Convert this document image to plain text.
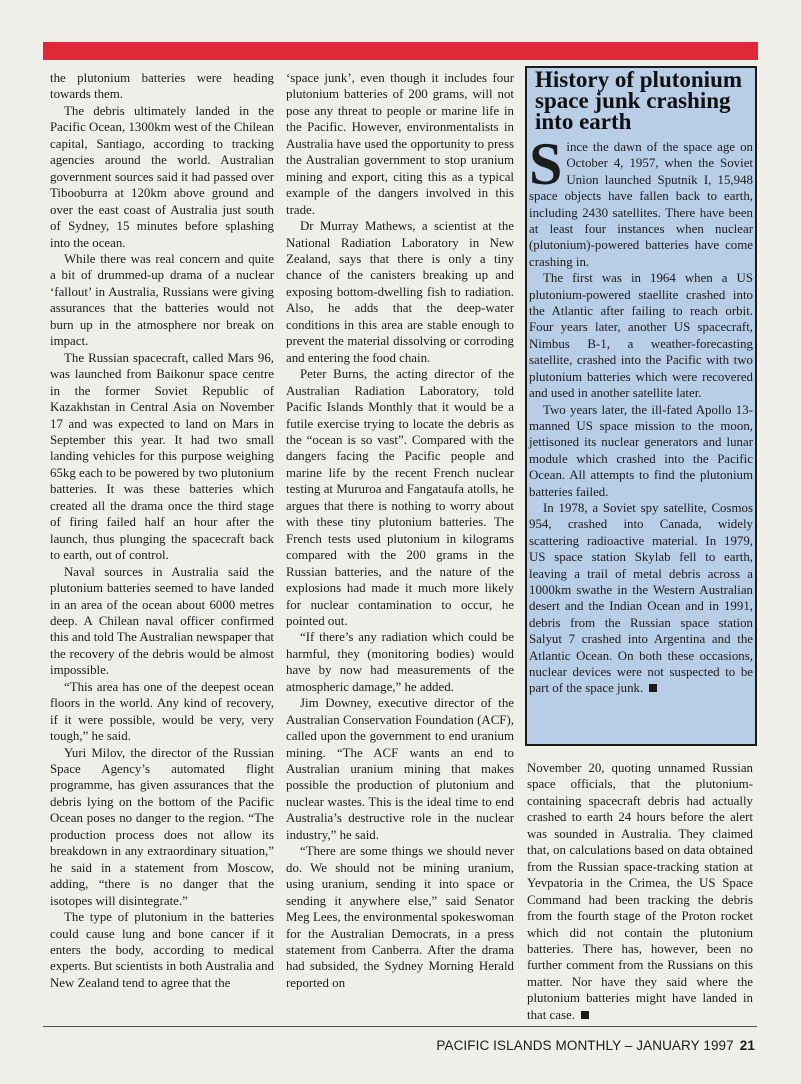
the plutonium batteries were heading towards them.

The debris ultimately landed in the Pacific Ocean, 1300km west of the Chilean capital, Santiago, according to tracking agencies around the world. Australian government sources said it had passed over Tibooburra at 120km above ground and over the east coast of Australia just south of Sydney, 15 minutes before splashing into the ocean.

While there was real concern and quite a bit of drummed-up drama of a nuclear ‘fallout’ in Australia, Russians were giving assurances that the batteries would not burn up in the atmosphere nor break on impact.

The Russian spacecraft, called Mars 96, was launched from Baikonur space centre in the former Soviet Republic of Kazakhstan in Central Asia on November 17 and was expected to land on Mars in September this year. It had two small landing vehicles for this purpose weighing 65kg each to be powered by two plutonium batteries. It was these batteries which created all the drama once the third stage of firing failed half an hour after the launch, thus plunging the spacecraft back to earth, out of control.

Naval sources in Australia said the plutonium batteries seemed to have landed in an area of the ocean about 6000 metres deep. A Chilean naval officer confirmed this and told The Australian newspaper that the recovery of the debris would be almost impossible.

“This area has one of the deepest ocean floors in the world. Any kind of recovery, if it were possible, would be very, very tough,” he said.

Yuri Milov, the director of the Russian Space Agency’s automated flight programme, has given assurances that the debris lying on the bottom of the Pacific Ocean poses no danger to the region. “The production process does not allow its breakdown in any extraordinary situation,” he said in a statement from Moscow, adding, “there is no danger that the isotopes will disintegrate.”

The type of plutonium in the batteries could cause lung and bone cancer if it enters the body, according to medical experts. But scientists in both Australia and New Zealand tend to agree that the

‘space junk’, even though it includes four plutonium batteries of 200 grams, will not pose any threat to people or marine life in the Pacific. However, environmentalists in Australia have used the opportunity to press the Australian government to stop uranium mining and export, citing this as a typical example of the dangers involved in this trade.

Dr Murray Mathews, a scientist at the National Radiation Laboratory in New Zealand, says that there is only a tiny chance of the canisters breaking up and exposing bottom-dwelling fish to radiation. Also, he adds that the deep-water conditions in this area are stable enough to prevent the material dissolving or corroding and entering the food chain.

Peter Burns, the acting director of the Australian Radiation Laboratory, told Pacific Islands Monthly that it would be a futile exercise trying to locate the debris as the “ocean is so vast”. Compared with the dangers facing the Pacific people and marine life by the recent French nuclear testing at Mururoa and Fangataufa atolls, he argues that there is nothing to worry about with these tiny plutonium batteries. The French tests used plutonium in kilograms compared with the 200 grams in the Russian batteries, and the nature of the explosions had made it much more likely for nuclear contamination to occur, he pointed out.

“If there’s any radiation which could be harmful, they (monitoring bodies) would have by now had measurements of the atmospheric damage,” he added.

Jim Downey, executive director of the Australian Conservation Foundation (ACF), called upon the government to end uranium mining. “The ACF wants an end to Australian uranium mining that makes possible the production of plutonium and nuclear wastes. This is the ideal time to end Australia’s destructive role in the nuclear industry,” he said.

“There are some things we should never do. We should not be mining uranium, using uranium, sending it into space or sending it anywhere else,” said Senator Meg Lees, the environmental spokeswoman for the Australian Democrats, in a press statement from Canberra. After the drama had subsided, the Sydney Morning Herald reported on

History of plutonium space junk crashing into earth

Since the dawn of the space age on October 4, 1957, when the Soviet Union launched Sputnik I, 15,948 space objects have fallen back to earth, including 2430 satellites. There have been at least four instances when nuclear (plutonium)-powered batteries have come crashing in.

The first was in 1964 when a US plutonium-powered staellite crashed into the Atlantic after failing to reach orbit. Four years later, another US spacecraft, Nimbus B-1, a weather-forecasting satellite, crashed into the Pacific with two plutonium batteries which were recovered and used in another satellite later.

Two years later, the ill-fated Apollo 13-manned US space mission to the moon, jettisoned its nuclear generators and lunar module which crashed into the Pacific Ocean. All attempts to find the plutonium batteries failed.

In 1978, a Soviet spy satellite, Cosmos 954, crashed into Canada, widely scattering radioactive material. In 1979, US space station Skylab fell to earth, leaving a trail of metal debris across a 1000km swathe in the Western Australian desert and the Indian Ocean and in 1991, debris from the Russian space station Salyut 7 crashed into Argentina and the Atlantic Ocean. On both these occasions, nuclear devices were not suspected to be part of the space junk.

November 20, quoting unnamed Russian space officials, that the plutonium-containing spacecraft debris had actually crashed to earth 24 hours before the alert was sounded in Australia. They claimed that, on calculations based on data obtained from the Russian space-tracking station at Yevpatoria in the Crimea, the US Space Command had been tracking the debris from the fourth stage of the Proton rocket which did not contain the plutonium batteries. There has, however, been no further comment from the Russians on this matter. Nor have they said where the plutonium batteries might have landed in that case.

PACIFIC ISLANDS MONTHLY – JANUARY 1997 21
